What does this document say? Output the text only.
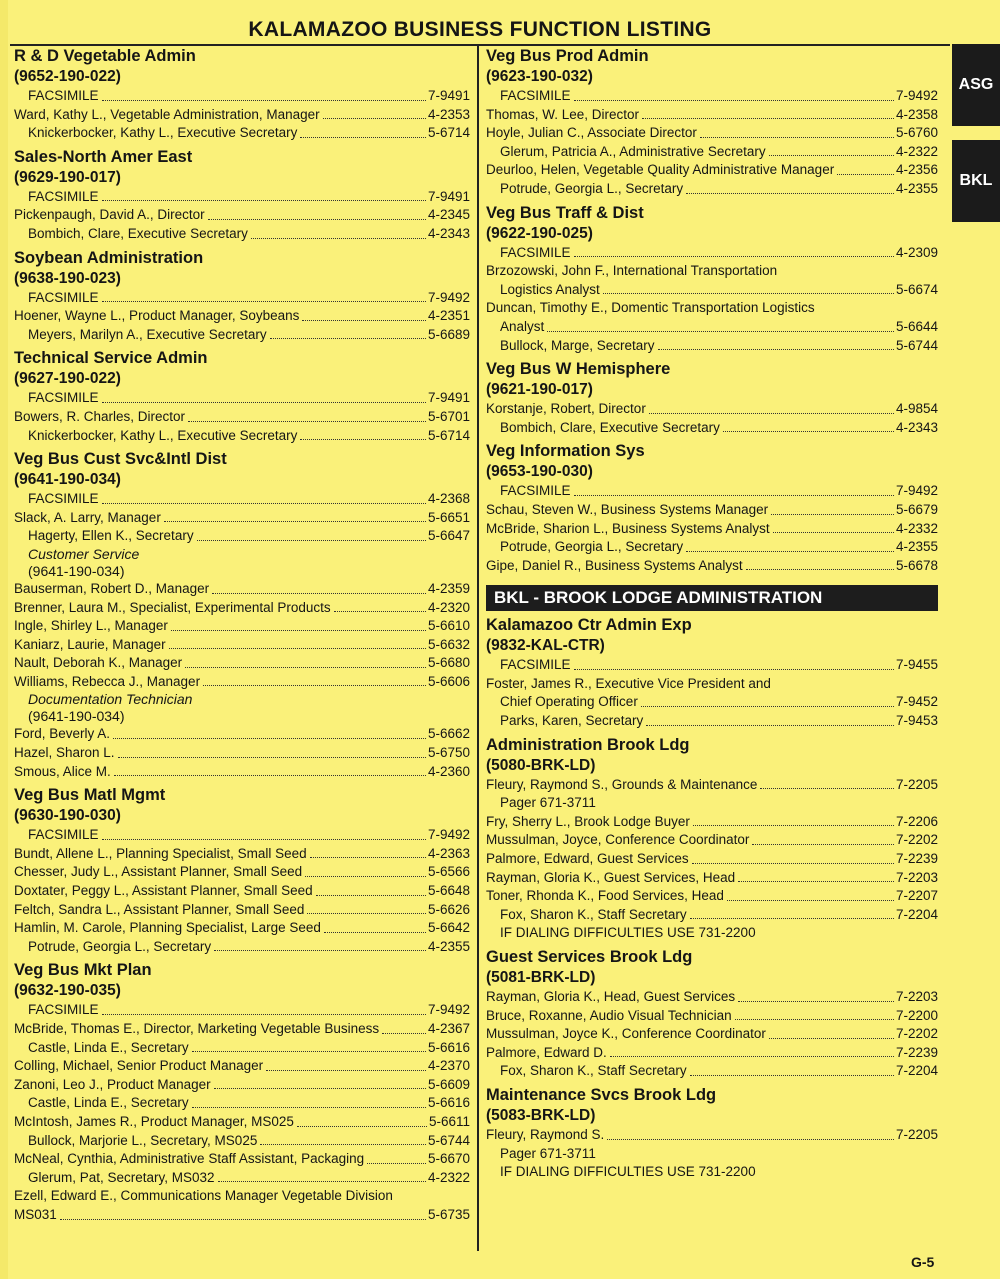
KALAMAZOO BUSINESS FUNCTION LISTING
R & D Vegetable Admin
(9652-190-022)
FACSIMILE	7-9491
Ward, Kathy L., Vegetable Administration, Manager	4-2353
Knickerbocker, Kathy L., Executive Secretary	5-6714
Sales-North Amer East
(9629-190-017)
FACSIMILE	7-9491
Pickenpaugh, David A., Director	4-2345
Bombich, Clare, Executive Secretary	4-2343
Soybean Administration
(9638-190-023)
FACSIMILE	7-9492
Hoener, Wayne L., Product Manager, Soybeans	4-2351
Meyers, Marilyn A., Executive Secretary	5-6689
Technical Service Admin
(9627-190-022)
FACSIMILE	7-9491
Bowers, R. Charles, Director	5-6701
Knickerbocker, Kathy L., Executive Secretary	5-6714
Veg Bus Cust Svc&Intl Dist
(9641-190-034)
FACSIMILE	4-2368
Slack, A. Larry, Manager	5-6651
Hagerty, Ellen K., Secretary	5-6647
Customer Service
(9641-190-034)
Bauserman, Robert D., Manager	4-2359
Brenner, Laura M., Specialist, Experimental Products	4-2320
Ingle, Shirley L., Manager	5-6610
Kaniarz, Laurie, Manager	5-6632
Nault, Deborah K., Manager	5-6680
Williams, Rebecca J., Manager	5-6606
Documentation Technician
(9641-190-034)
Ford, Beverly A.	5-6662
Hazel, Sharon L.	5-6750
Smous, Alice M.	4-2360
Veg Bus Matl Mgmt
(9630-190-030)
FACSIMILE	7-9492
Bundt, Allene L., Planning Specialist, Small Seed	4-2363
Chesser, Judy L., Assistant Planner, Small Seed	5-6566
Doxtater, Peggy L., Assistant Planner, Small Seed	5-6648
Feltch, Sandra L., Assistant Planner, Small Seed	5-6626
Hamlin, M. Carole, Planning Specialist, Large Seed	5-6642
Potrude, Georgia L., Secretary	4-2355
Veg Bus Mkt Plan
(9632-190-035)
FACSIMILE	7-9492
McBride, Thomas E., Director, Marketing Vegetable Business	4-2367
Castle, Linda E., Secretary	5-6616
Colling, Michael, Senior Product Manager	4-2370
Zanoni, Leo J., Product Manager	5-6609
Castle, Linda E., Secretary	5-6616
McIntosh, James R., Product Manager, MS025	5-6611
Bullock, Marjorie L., Secretary, MS025	5-6744
McNeal, Cynthia, Administrative Staff Assistant, Packaging	5-6670
Glerum, Pat, Secretary, MS032	4-2322
Ezell, Edward E., Communications Manager Vegetable Division
MS031	5-6735
Veg Bus Prod Admin
(9623-190-032)
FACSIMILE	7-9492
Thomas, W. Lee, Director	4-2358
Hoyle, Julian C., Associate Director	5-6760
Glerum, Patricia A., Administrative Secretary	4-2322
Deurloo, Helen, Vegetable Quality Administrative Manager	4-2356
Potrude, Georgia L., Secretary	4-2355
Veg Bus Traff & Dist
(9622-190-025)
FACSIMILE	4-2309
Brzozowski, John F., International Transportation
Logistics Analyst	5-6674
Duncan, Timothy E., Domentic Transportation Logistics
Analyst	5-6644
Bullock, Marge, Secretary	5-6744
Veg Bus W Hemisphere
(9621-190-017)
Korstanje, Robert, Director	4-9854
Bombich, Clare, Executive Secretary	4-2343
Veg Information Sys
(9653-190-030)
FACSIMILE	7-9492
Schau, Steven W., Business Systems Manager	5-6679
McBride, Sharion L., Business Systems Analyst	4-2332
Potrude, Georgia L., Secretary	4-2355
Gipe, Daniel R., Business Systems Analyst	5-6678
BKL - BROOK LODGE ADMINISTRATION
Kalamazoo Ctr Admin Exp
(9832-KAL-CTR)
FACSIMILE	7-9455
Foster, James R., Executive Vice President and
Chief Operating Officer	7-9452
Parks, Karen, Secretary	7-9453
Administration Brook Ldg
(5080-BRK-LD)
Fleury, Raymond S., Grounds & Maintenance	7-2205
Pager 671-3711
Fry, Sherry L., Brook Lodge Buyer	7-2206
Mussulman, Joyce, Conference Coordinator	7-2202
Palmore, Edward, Guest Services	7-2239
Rayman, Gloria K., Guest Services, Head	7-2203
Toner, Rhonda K., Food Services, Head	7-2207
Fox, Sharon K., Staff Secretary	7-2204
IF DIALING DIFFICULTIES USE 731-2200
Guest Services Brook Ldg
(5081-BRK-LD)
Rayman, Gloria K., Head, Guest Services	7-2203
Bruce, Roxanne, Audio Visual Technician	7-2200
Mussulman, Joyce K., Conference Coordinator	7-2202
Palmore, Edward D.	7-2239
Fox, Sharon K., Staff Secretary	7-2204
Maintenance Svcs Brook Ldg
(5083-BRK-LD)
Fleury, Raymond S.	7-2205
Pager 671-3711
IF DIALING DIFFICULTIES USE 731-2200
ASG
BKL
G-5
